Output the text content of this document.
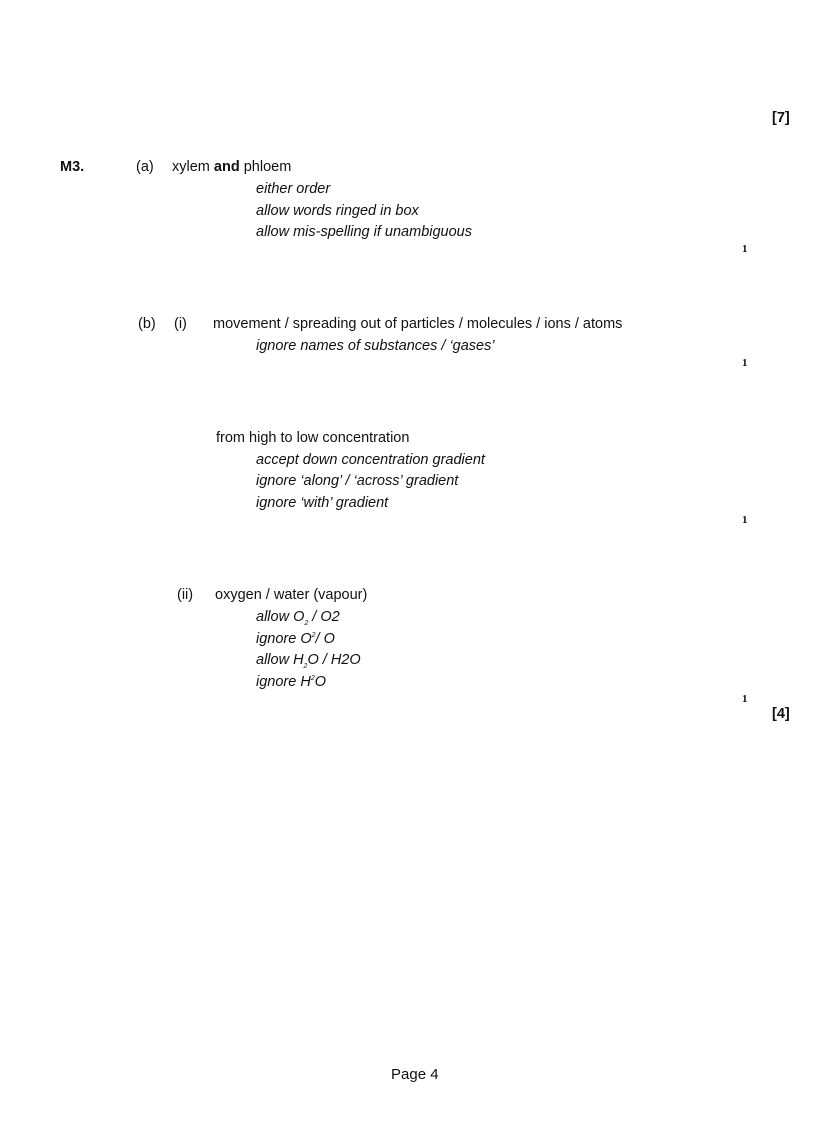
[7]
M3.	(a) xylem and phloem
either order
allow words ringed in box
allow mis-spelling if unambiguous
1
(b) (i) movement / spreading out of particles / molecules / ions / atoms
ignore names of substances / ‘gases’
1
from high to low concentration
accept down concentration gradient
ignore ‘along’ / ‘across’ gradient
ignore ‘with’ gradient
1
(ii) oxygen / water (vapour)
allow $O_2 / O2$
ignore $O^2/$ O
allow $H_2O / H2O$
ignore $H^2O$
1
[4]
Page 4
